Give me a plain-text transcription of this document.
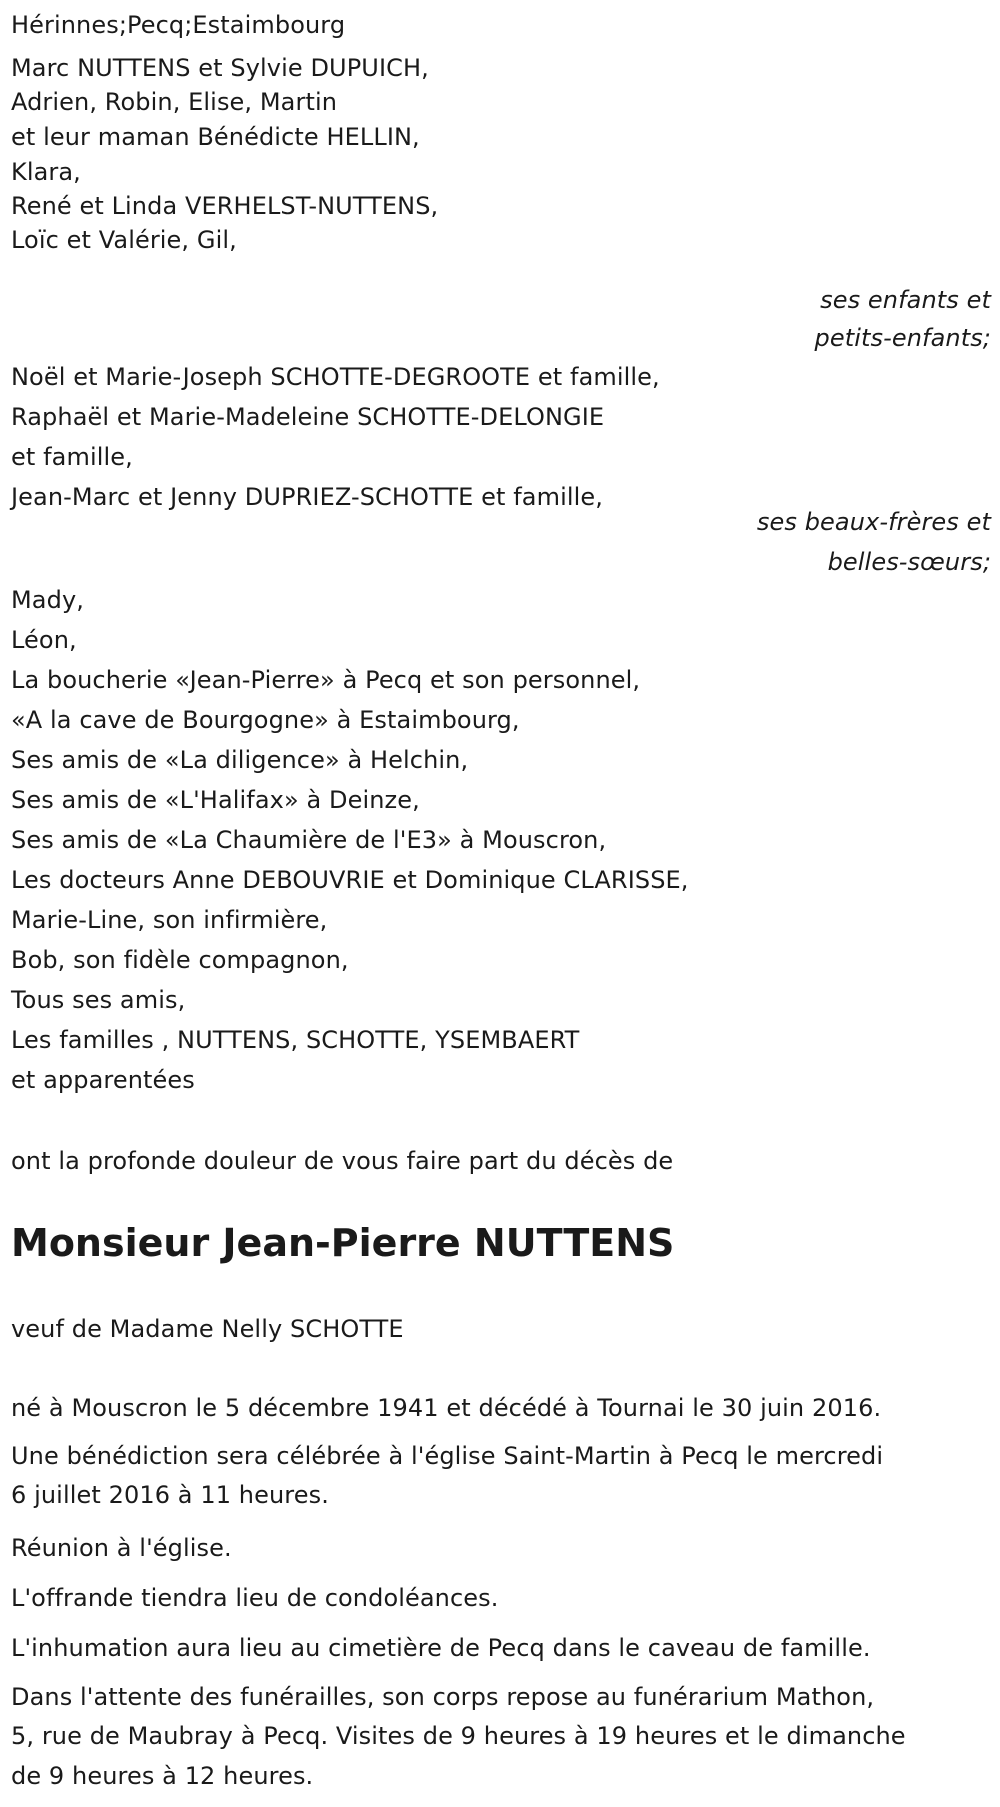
Hérinnes;Pecq;Estaimbourg
Marc NUTTENS et Sylvie DUPUICH,
Adrien, Robin, Elise, Martin
et leur maman Bénédicte HELLIN,
Klara,
René et Linda VERHELST-NUTTENS,
Loïc et Valérie, Gil,
ses enfants et
petits-enfants;
Noël et Marie-Joseph SCHOTTE-DEGROOTE et famille,
Raphaël et Marie-Madeleine SCHOTTE-DELONGIE
et famille,
Jean-Marc et Jenny DUPRIEZ-SCHOTTE et famille,
ses beaux-frères et
belles-sœurs;
Mady,
Léon,
La boucherie «Jean-Pierre» à Pecq et son personnel,
«A la cave de Bourgogne» à Estaimbourg,
Ses amis de «La diligence» à Helchin,
Ses amis de «L'Halifax» à Deinze,
Ses amis de «La Chaumière de l'E3» à Mouscron,
Les docteurs Anne DEBOUVRIE et Dominique CLARISSE,
Marie-Line, son infirmière,
Bob, son fidèle compagnon,
Tous ses amis,
Les familles , NUTTENS, SCHOTTE, YSEMBAERT
et apparentées
ont la profonde douleur de vous faire part du décès de
Monsieur Jean-Pierre NUTTENS
veuf de Madame Nelly SCHOTTE
né à Mouscron le 5 décembre 1941 et décédé à Tournai le 30 juin 2016.
Une bénédiction sera célébrée à l'église Saint-Martin à Pecq le mercredi
6 juillet 2016 à 11 heures.
Réunion à l'église.
L'offrande tiendra lieu de condoléances.
L'inhumation aura lieu au cimetière de Pecq dans le caveau de famille.
Dans l'attente des funérailles, son corps repose au funérarium Mathon,
5, rue de Maubray à Pecq. Visites de 9 heures à 19 heures et le dimanche
de 9 heures à 12 heures.
